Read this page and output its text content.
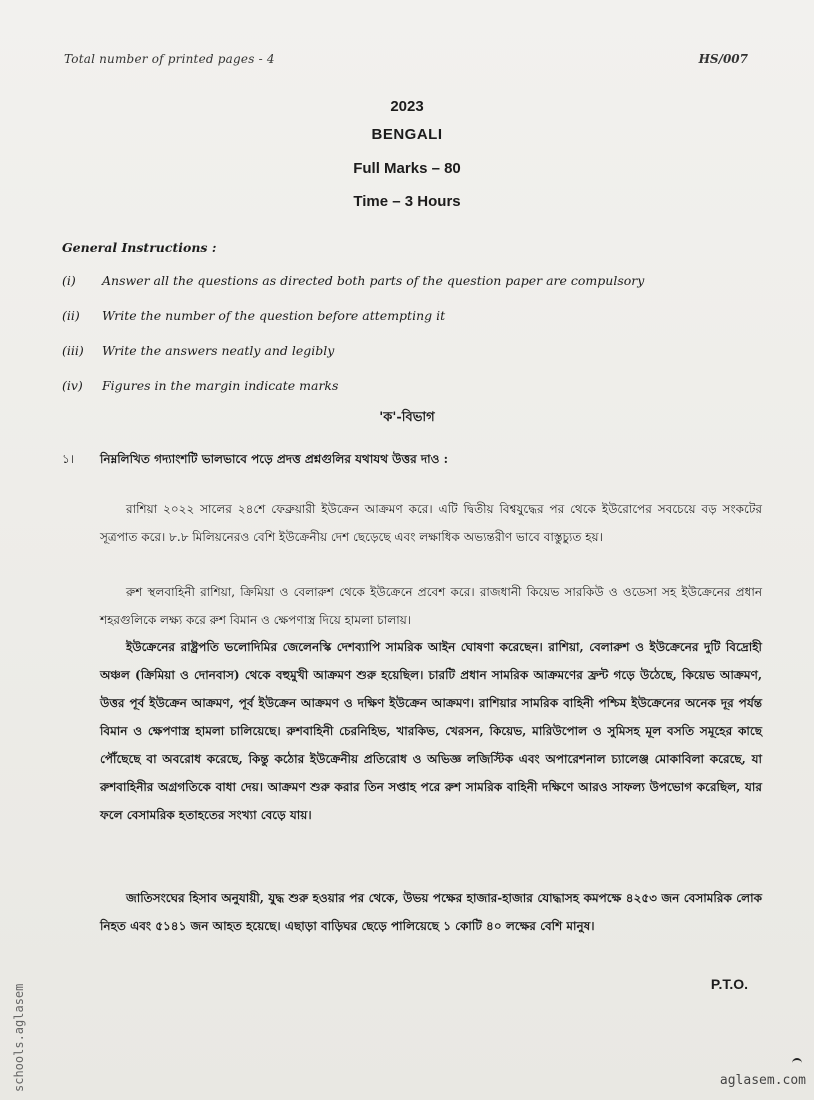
Total number of printed pages - 4	HS/007
2023
BENGALI
Full Marks – 80
Time – 3 Hours
General Instructions :
(i)	Answer all the questions as directed both parts of the question paper are compulsory
(ii)	Write the number of the question before attempting it
(iii)	Write the answers neatly and legibly
(iv)	Figures in the margin indicate marks
'ক'-বিভাগ
১।	নিম্নলিখিত গদ্যাংশটি ভালভাবে পড়ে প্রদত্ত প্রশ্নগুলির যথাযথ উত্তর দাও :

রাশিয়া ২০২২ সালের ২৪শে ফেব্রুয়ারী ইউক্রেন আক্রমণ করে। এটি দ্বিতীয় বিশ্বযুদ্ধের পর থেকে ইউরোপের সবচেয়ে বড় সংকটের সূত্রপাত করে। ৮.৮ মিলিয়নেরও বেশি ইউক্রেনীয় দেশ ছেড়েছে এবং লক্ষাধিক অভ্যন্তরীণ ভাবে বাস্তুচ্যুত হয়।

রুশ স্থলবাহিনী রাশিয়া, ক্রিমিয়া ও বেলারুশ থেকে ইউক্রেনে প্রবেশ করে। রাজধানী কিয়েভ সারকিউ ও ওডেসা সহ ইউক্রেনের প্রধান শহরগুলিকে লক্ষ্য করে রুশ বিমান ও ক্ষেপণাস্ত্র দিয়ে হামলা চালায়।

ইউক্রেনের রাষ্ট্রপতি ভলোদিমির জেলেনস্কি দেশব্যাপি সামরিক আইন ঘোষণা করেছেন। রাশিয়া, বেলারুশ ও ইউক্রেনের দুটি বিদ্রোহী অঞ্চল (ক্রিমিয়া ও দোনবাস) থেকে বহুমুখী আক্রমণ শুরু হয়েছিল। চারটি প্রধান সামরিক আক্রমণের ফ্রন্ট গড়ে উঠেছে, কিয়েভ আক্রমণ, উত্তর পূর্ব ইউক্রেন আক্রমণ, পূর্ব ইউক্রেন আক্রমণ ও দক্ষিণ ইউক্রেন আক্রমণ। রাশিয়ার সামরিক বাহিনী পশ্চিম ইউক্রেনের অনেক দূর পর্যন্ত বিমান ও ক্ষেপণাস্ত্র হামলা চালিয়েছে। রুশবাহিনী চেরনিহিভ, খারকিভ, খেরসন, কিয়েভ, মারিউপোল ও সুমিসহ মূল বসতি সমূহের কাছে পৌঁছেছে বা অবরোধ করেছে, কিন্তু কঠোর ইউক্রেনীয় প্রতিরোধ ও অভিজ্ঞ লজিস্টিক এবং অপারেশনাল চ্যালেঞ্জ মোকাবিলা করেছে, যা রুশবাহিনীর অগ্রগতিকে বাধা দেয়। আক্রমণ শুরু করার তিন সপ্তাহ পরে রুশ সামরিক বাহিনী দক্ষিণে আরও সাফল্য উপভোগ করেছিল, যার ফলে বেসামরিক হতাহতের সংখ্যা বেড়ে যায়।

জাতিসংঘের হিসাব অনুযায়ী, যুদ্ধ শুরু হওয়ার পর থেকে, উভয় পক্ষের হাজার-হাজার যোদ্ধাসহ কমপক্ষে ৪২৫৩ জন বেসামরিক লোক নিহত এবং ৫১৪১ জন আহত হয়েছে। এছাড়া বাড়িঘর ছেড়ে পালিয়েছে ১ কোটি ৪০ লক্ষের বেশি মানুষ।

P.T.O.
schools.aglasem	aglasem.com
